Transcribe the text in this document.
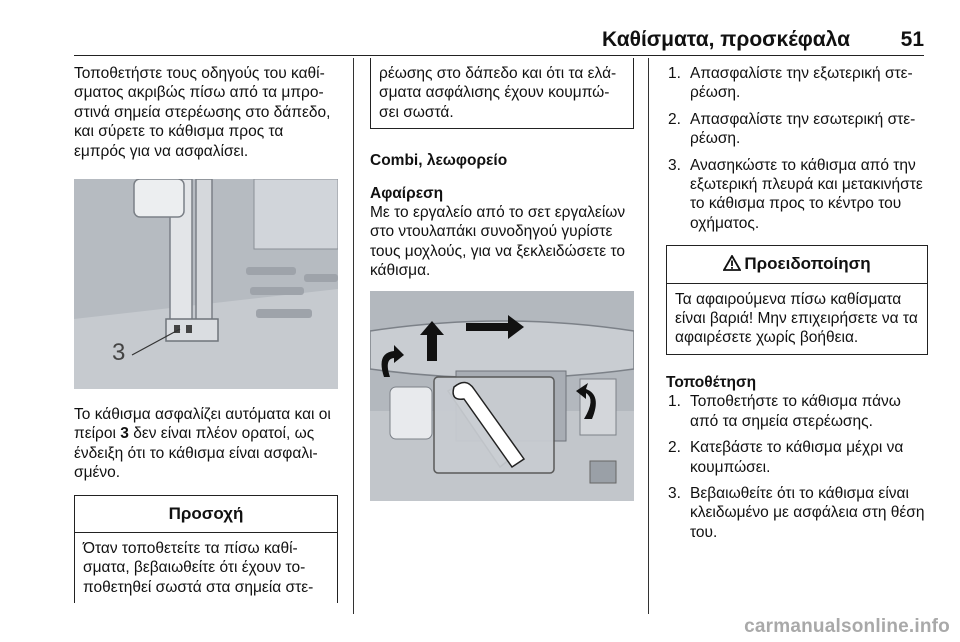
Καθίσματα, προσκέφαλα 51

Τοποθετήστε τους οδηγούς του καθί-σματος ακριβώς πίσω από τα μπρο-στινά σημεία στερέωσης στο δάπεδο, και σύρετε το κάθισμα προς τα εμπρός για να ασφαλίσει.

3

Το κάθισμα ασφαλίζει αυτόματα και οι πείροι 3 δεν είναι πλέον ορατοί, ως ένδειξη ότι το κάθισμα είναι ασφαλι-σμένο.

Προσοχή
Όταν τοποθετείτε τα πίσω καθί-σματα, βεβαιωθείτε ότι έχουν το-ποθετηθεί σωστά στα σημεία στε-
ρέωσης στο δάπεδο και ότι τα ελά-σματα ασφάλισης έχουν κουμπώ-σει σωστά.

Combi, λεωφορείο

Αφαίρεση

Με το εργαλείο από το σετ εργαλείων στο ντουλαπάκι συνοδηγού γυρίστε τους μοχλούς, για να ξεκλειδώσετε το κάθισμα.

1. Απασφαλίστε την εξωτερική στε-ρέωση.
2. Απασφαλίστε την εσωτερική στε-ρέωση.
3. Ανασηκώστε το κάθισμα από την εξωτερική πλευρά και μετακινήστε το κάθισμα προς το κέντρο του οχήματος.
Προειδοποίηση
Τα αφαιρούμενα πίσω καθίσματα είναι βαριά! Μην επιχειρήσετε να τα αφαιρέσετε χωρίς βοήθεια.

Τοποθέτηση

1. Τοποθετήστε το κάθισμα πάνω από τα σημεία στερέωσης.
2. Κατεβάστε το κάθισμα μέχρι να κουμπώσει.
3. Βεβαιωθείτε ότι το κάθισμα είναι κλειδωμένο με ασφάλεια στη θέση του.
carmanualsonline.info
